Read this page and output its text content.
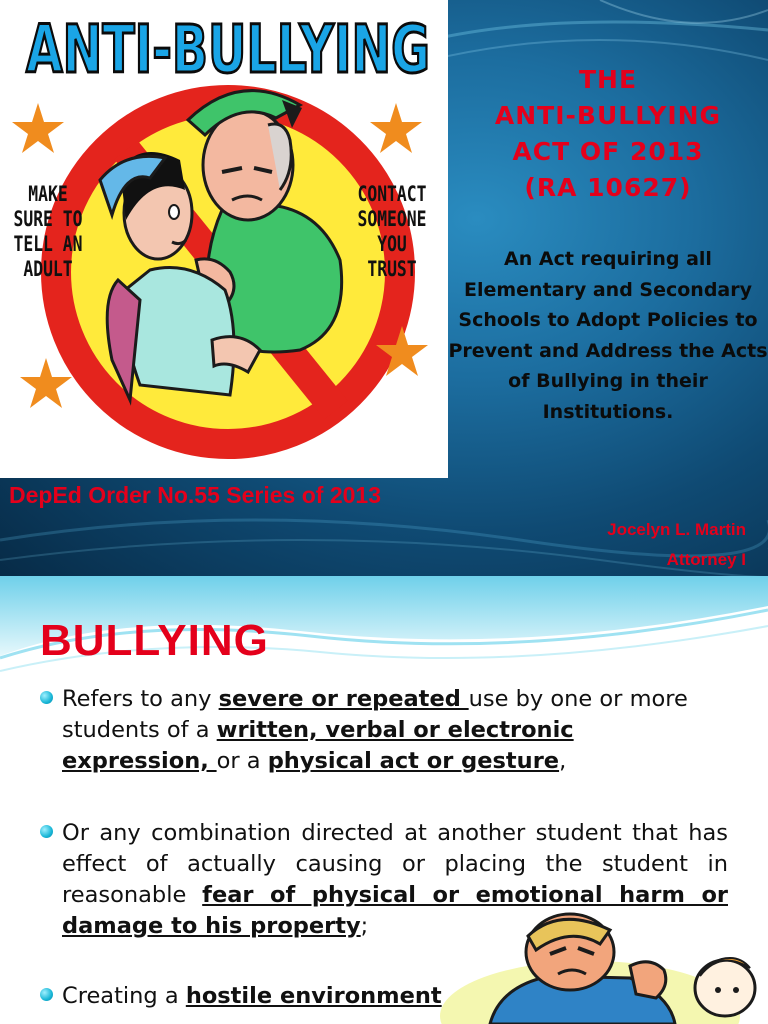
ANTI-BULLYING
MAKE SURE TO TELL AN ADULT
CONTACT SOMEONE YOU TRUST
THE
ANTI-BULLYING
ACT OF 2013
(RA 10627)
An Act requiring all Elementary and Secondary Schools to Adopt Policies to Prevent and Address the Acts of Bullying in their Institutions.
DepEd Order No.55 Series of 2013
Jocelyn L. Martin
Attorney I
BULLYING
Refers to any severe or repeated use by one or more students of a written, verbal or electronic expression, or a physical act or gesture,
Or any combination directed at another student that has effect of actually causing or placing the student in reasonable fear of physical or emotional harm or damage to his property;
Creating a hostile environment
